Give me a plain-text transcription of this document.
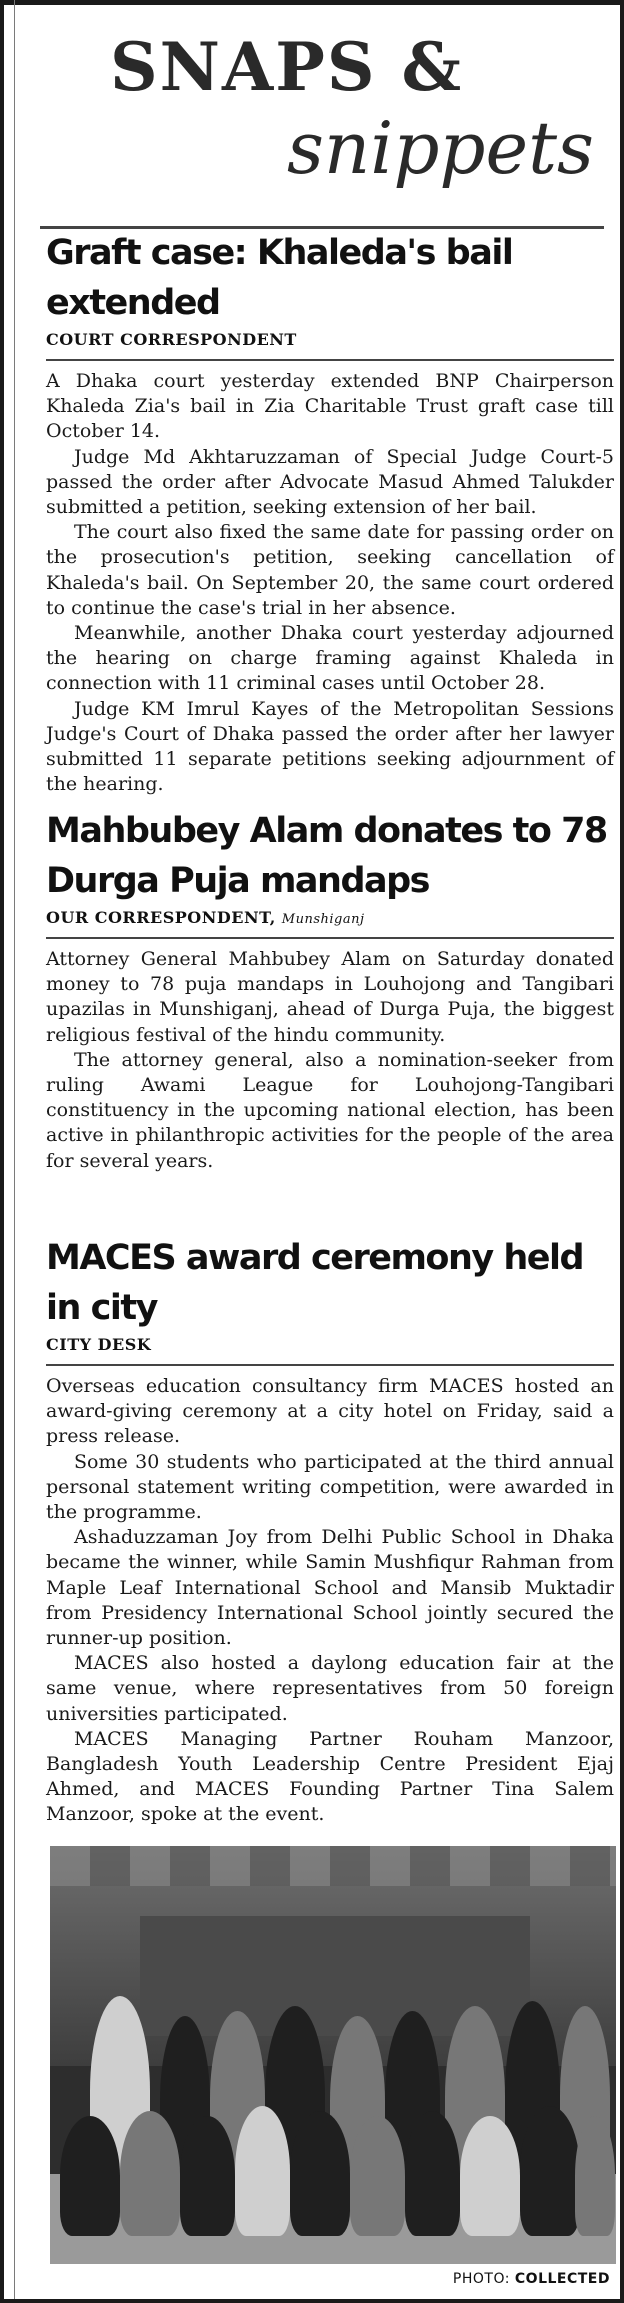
SNAPS &
snippets
Graft case: Khaleda's bail extended
COURT CORRESPONDENT

A Dhaka court yesterday extended BNP Chairperson Khaleda Zia's bail in Zia Charitable Trust graft case till October 14.

Judge Md Akhtaruzzaman of Special Judge Court-5 passed the order after Advocate Masud Ahmed Talukder submitted a petition, seeking extension of her bail.

The court also fixed the same date for passing order on the prosecution's petition, seeking cancellation of Khaleda's bail. On September 20, the same court ordered to continue the case's trial in her absence.

Meanwhile, another Dhaka court yesterday adjourned the hearing on charge framing against Khaleda in connection with 11 criminal cases until October 28.

Judge KM Imrul Kayes of the Metropolitan Sessions Judge's Court of Dhaka passed the order after her lawyer submitted 11 separate petitions seeking adjournment of the hearing.

Mahbubey Alam donates to 78 Durga Puja mandaps
OUR CORRESPONDENT, Munshiganj

Attorney General Mahbubey Alam on Saturday donated money to 78 puja mandaps in Louhojong and Tangibari upazilas in Munshiganj, ahead of Durga Puja, the biggest religious festival of the hindu community.

The attorney general, also a nomination-seeker from ruling Awami League for Louhojong-Tangibari constituency in the upcoming national election, has been active in philanthropic activities for the people of the area for several years.

MACES award ceremony held in city
CITY DESK

Overseas education consultancy firm MACES hosted an award-giving ceremony at a city hotel on Friday, said a press release.

Some 30 students who participated at the third annual personal statement writing competition, were awarded in the programme.

Ashaduzzaman Joy from Delhi Public School in Dhaka became the winner, while Samin Mushfiqur Rahman from Maple Leaf International School and Mansib Muktadir from Presidency International School jointly secured the runner-up position.

MACES also hosted a daylong education fair at the same venue, where representatives from 50 foreign universities participated.

MACES Managing Partner Rouham Manzoor, Bangladesh Youth Leadership Centre President Ejaj Ahmed, and MACES Founding Partner Tina Salem Manzoor, spoke at the event.

PHOTO: COLLECTED
